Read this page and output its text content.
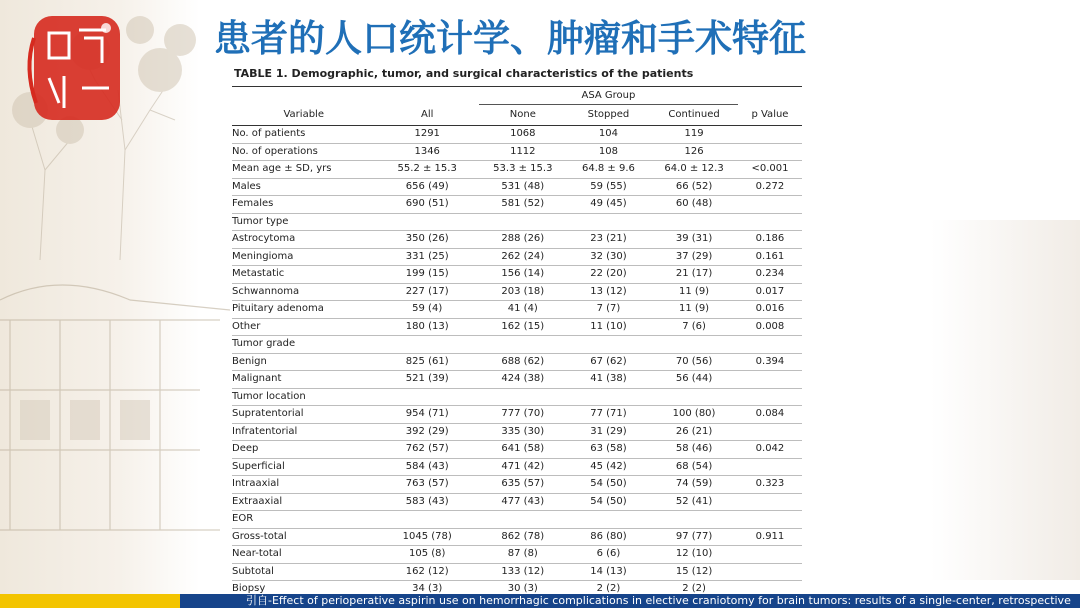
患者的人口统计学、肿瘤和手术特征
TABLE 1. Demographic, tumor, and surgical characteristics of the patients
		ASA Group			
Variable	All	None	Stopped	Continued	p Value
No. of patients	1291	1068	104	119	
No. of operations	1346	1112	108	126	
Mean age ± SD, yrs	55.2 ± 15.3	53.3 ± 15.3	64.8 ± 9.6	64.0 ± 12.3	<0.001
Males	656 (49)	531 (48)	59 (55)	66 (52)	0.272
Females	690 (51)	581 (52)	49 (45)	60 (48)	
Tumor type					
Astrocytoma	350 (26)	288 (26)	23 (21)	39 (31)	0.186
Meningioma	331 (25)	262 (24)	32 (30)	37 (29)	0.161
Metastatic	199 (15)	156 (14)	22 (20)	21 (17)	0.234
Schwannoma	227 (17)	203 (18)	13 (12)	11 (9)	0.017
Pituitary adenoma	59 (4)	41 (4)	7 (7)	11 (9)	0.016
Other	180 (13)	162 (15)	11 (10)	7 (6)	0.008
Tumor grade					
Benign	825 (61)	688 (62)	67 (62)	70 (56)	0.394
Malignant	521 (39)	424 (38)	41 (38)	56 (44)	
Tumor location					
Supratentorial	954 (71)	777 (70)	77 (71)	100 (80)	0.084
Infratentorial	392 (29)	335 (30)	31 (29)	26 (21)	
Deep	762 (57)	641 (58)	63 (58)	58 (46)	0.042
Superficial	584 (43)	471 (42)	45 (42)	68 (54)	
Intraaxial	763 (57)	635 (57)	54 (50)	74 (59)	0.323
Extraaxial	583 (43)	477 (43)	54 (50)	52 (41)	
EOR					
Gross-total	1045 (78)	862 (78)	86 (80)	97 (77)	0.911
Near-total	105 (8)	87 (8)	6 (6)	12 (10)	
Subtotal	162 (12)	133 (12)	14 (13)	15 (12)	
Biopsy	34 (3)	30 (3)	2 (2)	2 (2)	
引自-Effect of perioperative aspirin use on hemorrhagic complications in elective craniotomy for brain tumors: results of a single-center, retrospective
